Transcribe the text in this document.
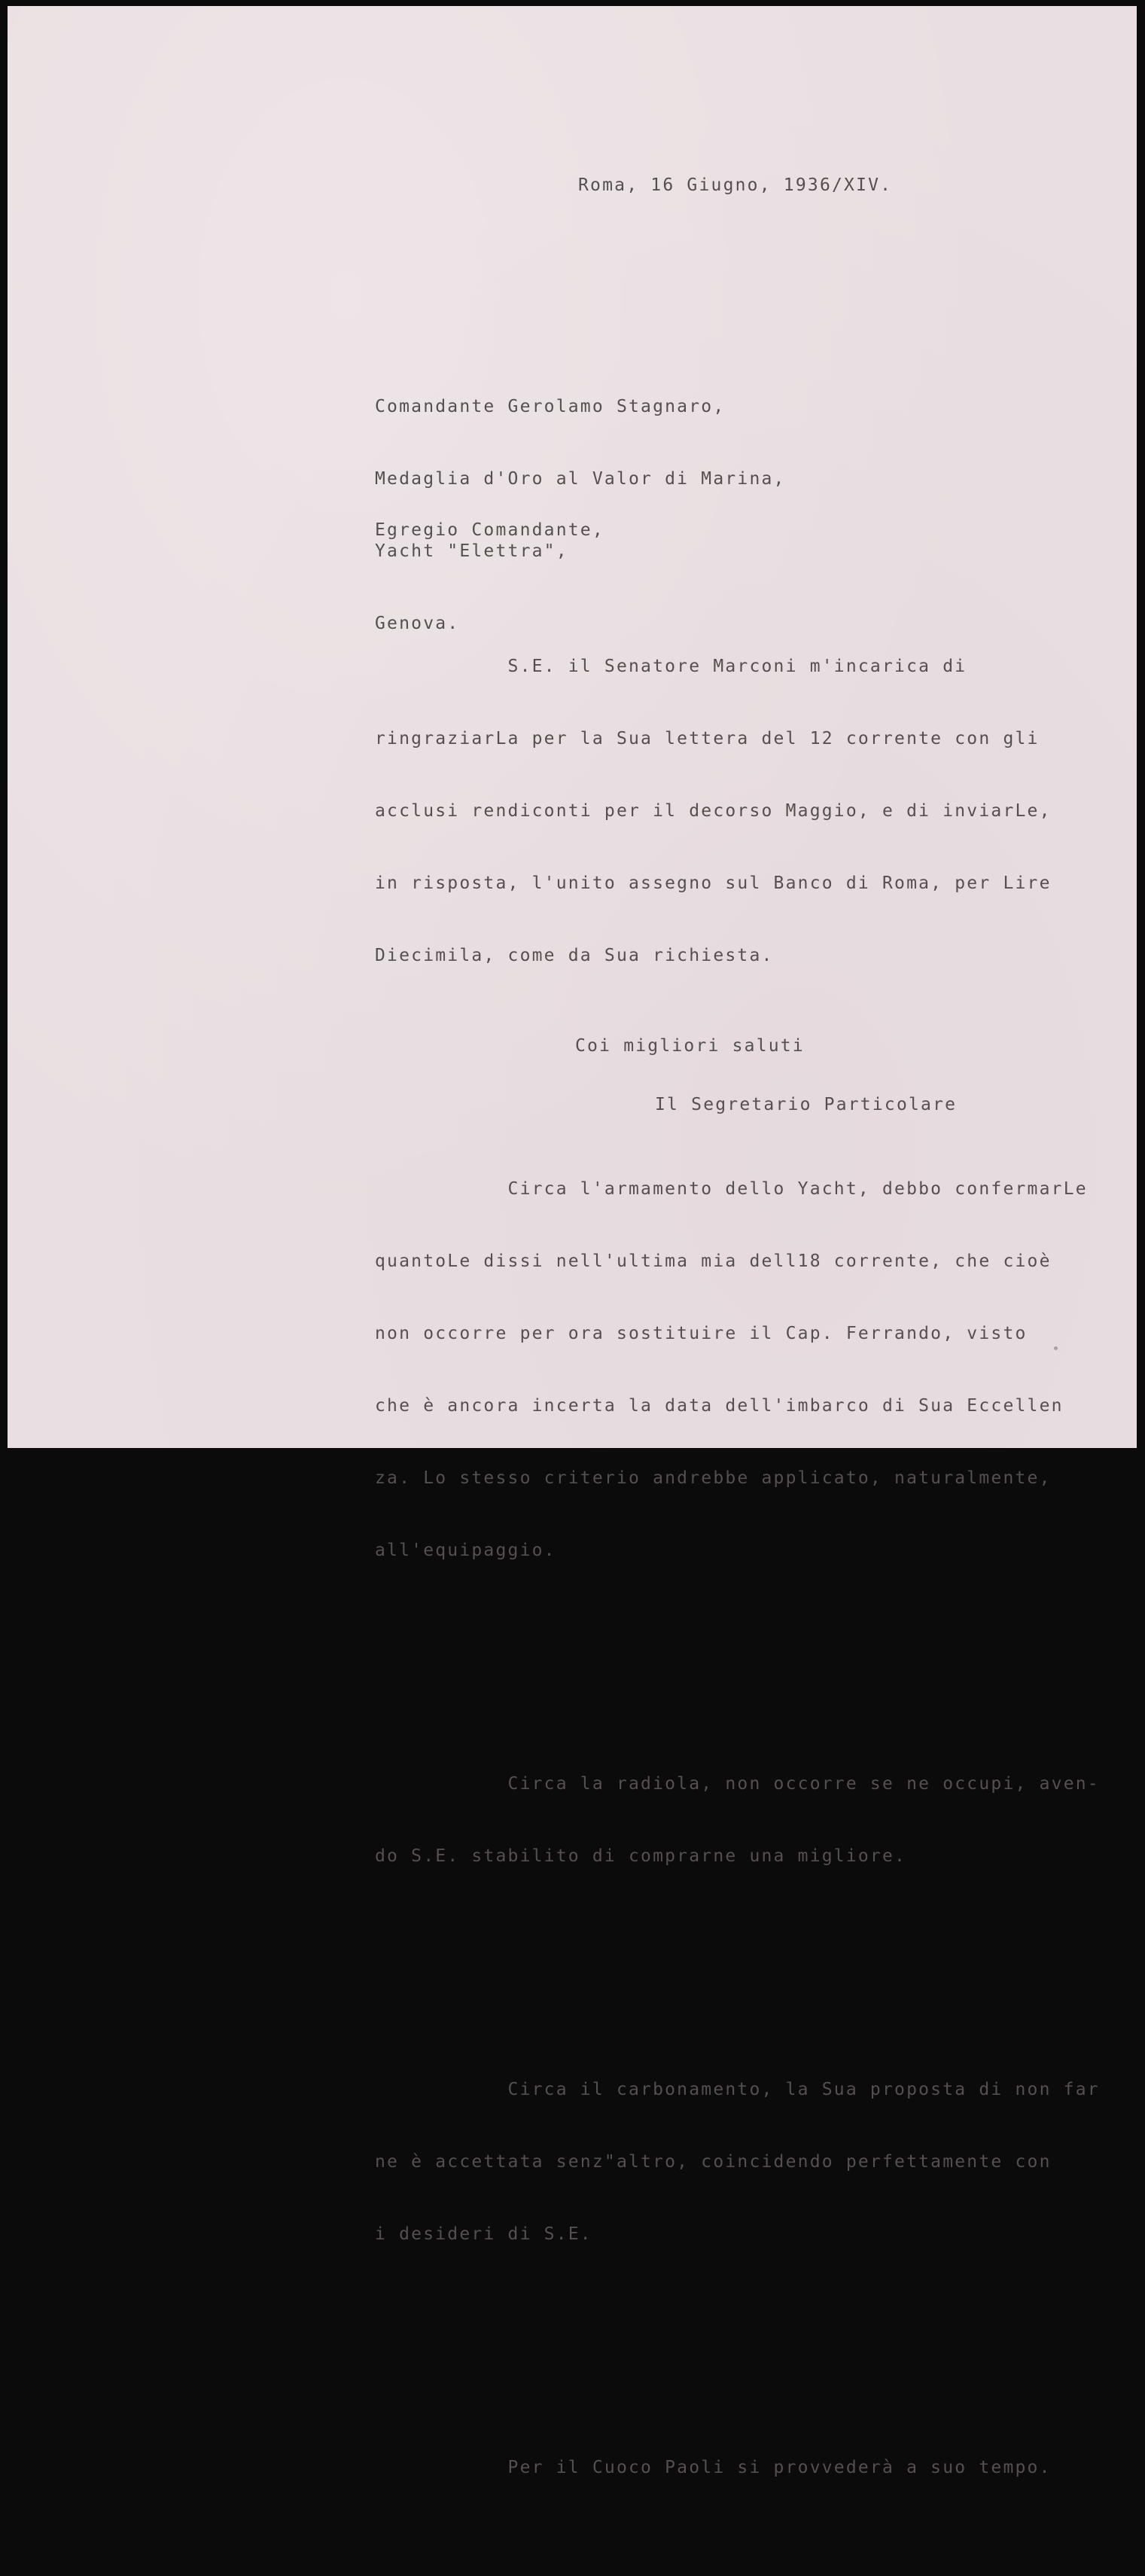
Roma, 16 Giugno, 1936/XIV.

Comandante Gerolamo Stagnaro,

Medaglia d'Oro al Valor di Marina,

Yacht "Elettra",

Genova.

Egregio Comandante,

S.E. il Senatore Marconi m'incarica di

ringraziarLa per la Sua lettera del 12 corrente con gli

acclusi rendiconti per il decorso Maggio, e di inviarLe,

in risposta, l'unito assegno sul Banco di Roma, per Lire

Diecimila, come da Sua richiesta.

Circa l'armamento dello Yacht, debbo confermarLe

quantoLe dissi nell'ultima mia dell18 corrente, che cioè

non occorre per ora sostituire il Cap. Ferrando, visto

che è ancora incerta la data dell'imbarco di Sua Eccellen

za. Lo stesso criterio andrebbe applicato, naturalmente,

all'equipaggio.

Circa la radiola, non occorre se ne occupi, aven-

do S.E. stabilito di comprarne una migliore.

Circa il carbonamento, la Sua proposta di non far

ne è accettata senz"altro, coincidendo perfettamente con

i desideri di S.E.

Per il Cuoco Paoli si provvederà a suo tempo.

Coi migliori saluti

Il Segretario Particolare
